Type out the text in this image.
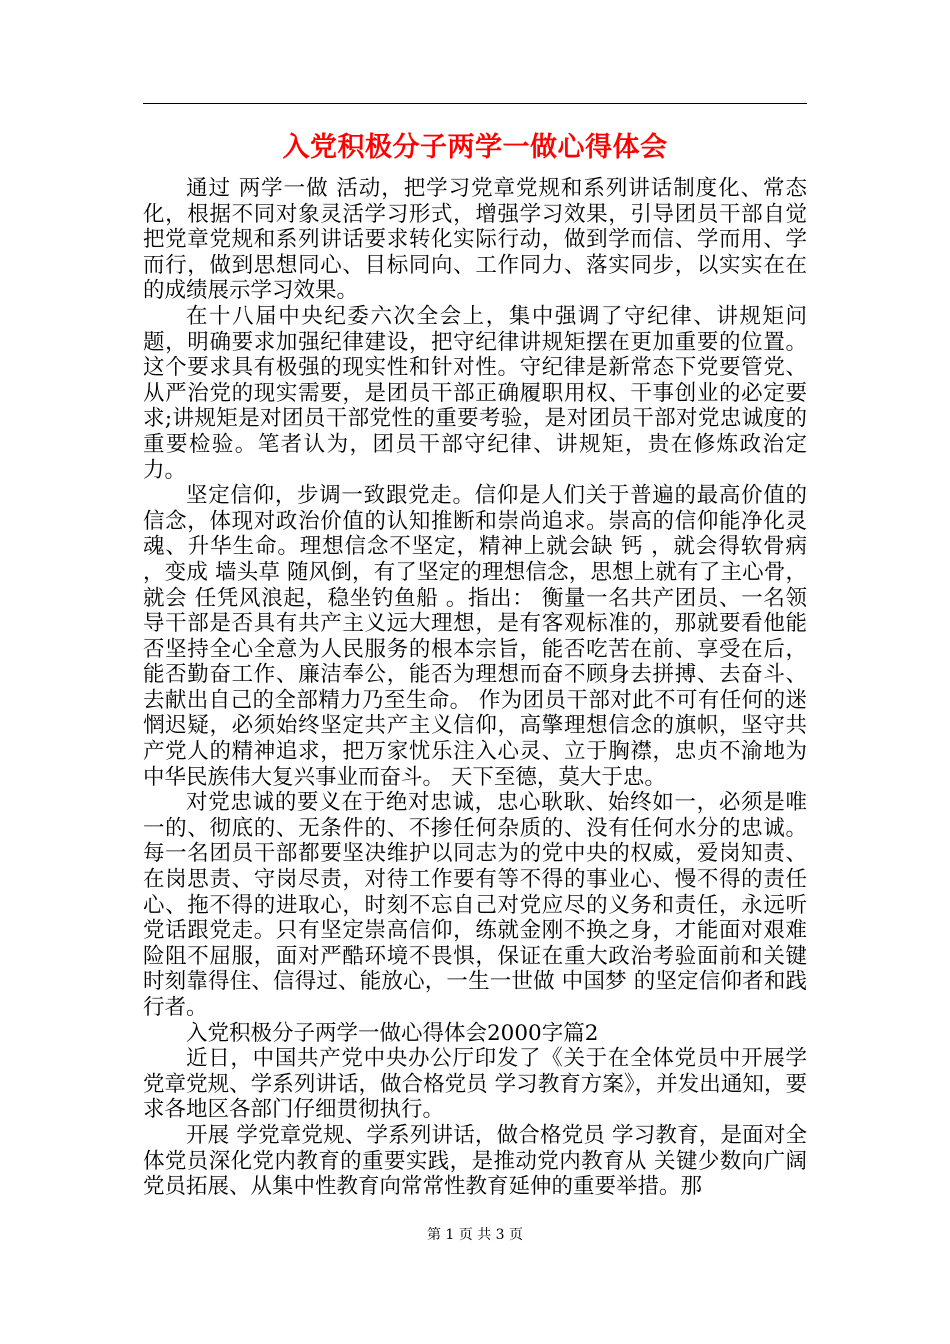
入党积极分子两学一做心得体会

通过 两学一做 活动，把学习党章党规和系列讲话制度化、常态化，根据不同对象灵活学习形式，增强学习效果，引导团员干部自觉把党章党规和系列讲话要求转化实际行动，做到学而信、学而用、学而行，做到思想同心、目标同向、工作同力、落实同步，以实实在在的成绩展示学习效果。

在十八届中央纪委六次全会上，集中强调了守纪律、讲规矩问题，明确要求加强纪律建设，把守纪律讲规矩摆在更加重要的位置。这个要求具有极强的现实性和针对性。守纪律是新常态下党要管党、从严治党的现实需要，是团员干部正确履职用权、干事创业的必定要求;讲规矩是对团员干部党性的重要考验，是对团员干部对党忠诚度的重要检验。笔者认为，团员干部守纪律、讲规矩，贵在修炼政治定力。

坚定信仰，步调一致跟党走。信仰是人们关于普遍的最高价值的信念，体现对政治价值的认知推断和崇尚追求。崇高的信仰能净化灵魂、升华生命。理想信念不坚定，精神上就会缺 钙 ，就会得软骨病 ，变成 墙头草 随风倒，有了坚定的理想信念，思想上就有了主心骨，就会 任凭风浪起，稳坐钓鱼船 。指出： 衡量一名共产团员、一名领导干部是否具有共产主义远大理想，是有客观标准的，那就要看他能否坚持全心全意为人民服务的根本宗旨，能否吃苦在前、享受在后，能否勤奋工作、廉洁奉公，能否为理想而奋不顾身去拼搏、去奋斗、去献出自己的全部精力乃至生命。 作为团员干部对此不可有任何的迷惘迟疑，必须始终坚定共产主义信仰，高擎理想信念的旗帜，坚守共产党人的精神追求，把万家忧乐注入心灵、立于胸襟，忠贞不渝地为中华民族伟大复兴事业而奋斗。 天下至德，莫大于忠。

对党忠诚的要义在于绝对忠诚，忠心耿耿、始终如一，必须是唯一的、彻底的、无条件的、不掺任何杂质的、没有任何水分的忠诚。每一名团员干部都要坚决维护以同志为的党中央的权威，爱岗知责、在岗思责、守岗尽责，对待工作要有等不得的事业心、慢不得的责任心、拖不得的进取心，时刻不忘自己对党应尽的义务和责任，永远听党话跟党走。只有坚定崇高信仰，练就金刚不换之身，才能面对艰难险阻不屈服，面对严酷环境不畏惧，保证在重大政治考验面前和关键时刻靠得住、信得过、能放心，一生一世做 中国梦 的坚定信仰者和践行者。

入党积极分子两学一做心得体会2000字篇2

近日，中国共产党中央办公厅印发了《关于在全体党员中开展学党章党规、学系列讲话，做合格党员 学习教育方案》，并发出通知，要求各地区各部门仔细贯彻执行。

开展 学党章党规、学系列讲话，做合格党员 学习教育，是面对全体党员深化党内教育的重要实践，是推动党内教育从 关键少数向广阔党员拓展、从集中性教育向常常性教育延伸的重要举措。那

第 1 页 共 3 页
